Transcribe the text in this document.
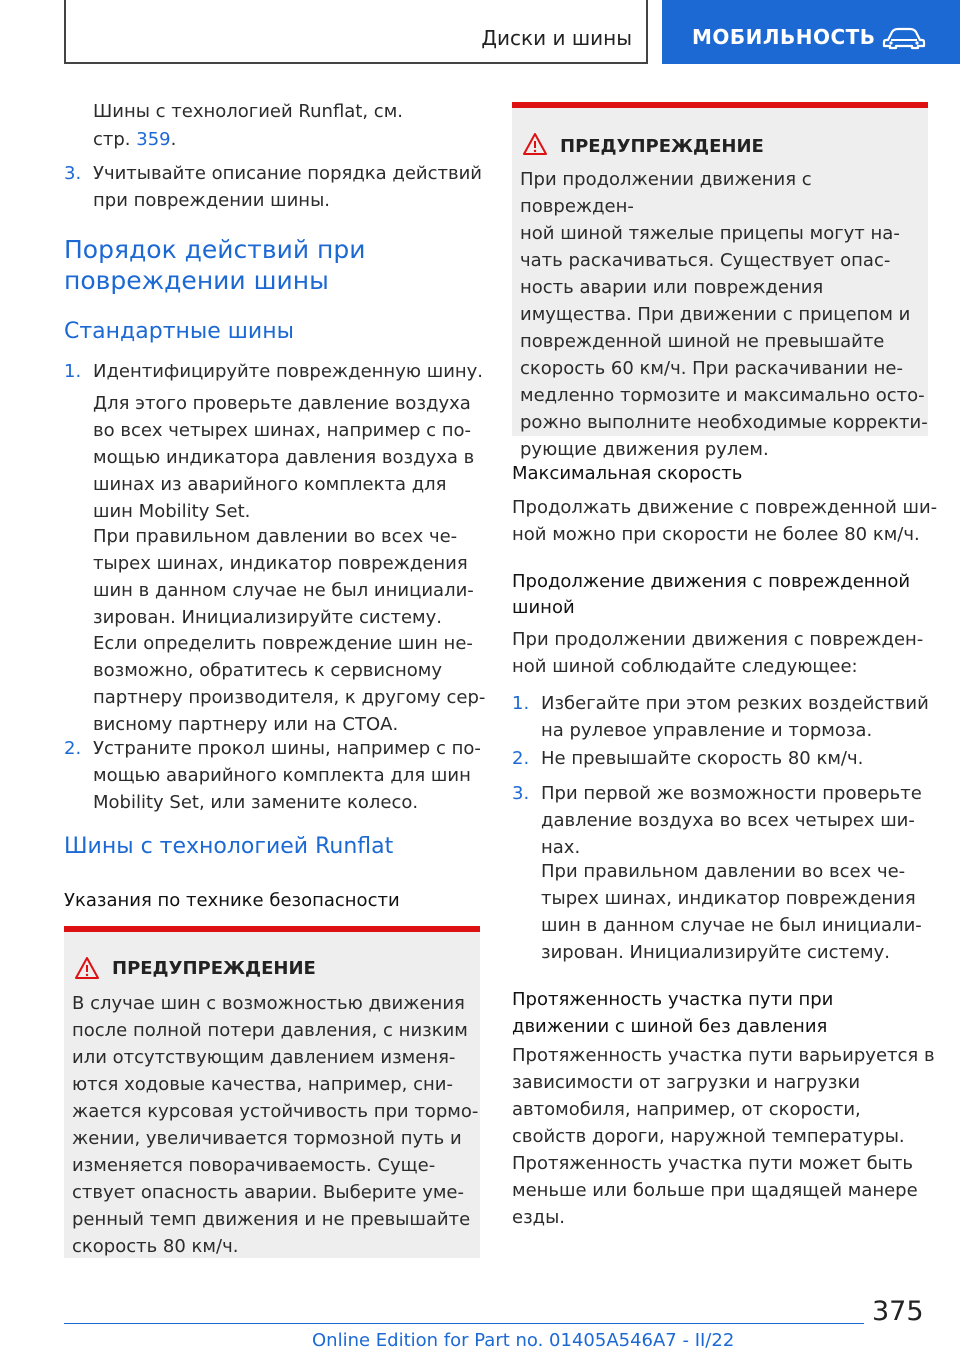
Диски и шины	МОБИЛЬНОСТЬ

Шины с технологией Runflat, см.

стр. 359.

3. Учитывайте описание порядка действий

при повреждении шины.

Порядок действий при

повреждении шины

Стандартные шины

1. Идентифицируйте поврежденную шину.

Для этого проверьте давление воздуха

во всех четырех шинах, например с по-

мощью индикатора давления воздуха в

шинах из аварийного комплекта для

шин Mobility Set.

При правильном давлении во всех че-

тырех шинах, индикатор повреждения

шин в данном случае не был инициали-

зирован. Инициализируйте систему.

Если определить повреждение шин не-

возможно, обратитесь к сервисному

партнеру производителя, к другому сер-

висному партнеру или на СТОА.

2. Устраните прокол шины, например с по-

мощью аварийного комплекта для шин

Mobility Set, или замените колесо.

Шины с технологией Runflat

Указания по технике безопасности

ПРЕДУПРЕЖДЕНИЕ

В случае шин с возможностью движения

после полной потери давления, с низким

или отсутствующим давлением изменя-

ются ходовые качества, например, сни-

жается курсовая устойчивость при тормо-

жении, увеличивается тормозной путь и

изменяется поворачиваемость. Суще-

ствует опасность аварии. Выберите уме-

ренный темп движения и не превышайте

скорость 80 км/ч.

ПРЕДУПРЕЖДЕНИЕ

При продолжении движения с поврежден-

ной шиной тяжелые прицепы могут на-

чать раскачиваться. Существует опас-

ность аварии или повреждения

имущества. При движении с прицепом и

поврежденной шиной не превышайте

скорость 60 км/ч. При раскачивании не-

медленно тормозите и максимально осто-

рожно выполните необходимые корректи-

рующие движения рулем.

Максимальная скорость

Продолжать движение с поврежденной ши-

ной можно при скорости не более 80 км/ч.

Продолжение движения с поврежденной

шиной

При продолжении движения с поврежден-

ной шиной соблюдайте следующее:

1. Избегайте при этом резких воздействий

на рулевое управление и тормоза.

2. Не превышайте скорость 80 км/ч.

3. При первой же возможности проверьте

давление воздуха во всех четырех ши-

нах.

При правильном давлении во всех че-

тырех шинах, индикатор повреждения

шин в данном случае не был инициали-

зирован. Инициализируйте систему.

Протяженность участка пути при

движении с шиной без давления

Протяженность участка пути варьируется в

зависимости от загрузки и нагрузки

автомобиля, например, от скорости,

свойств дороги, наружной температуры.

Протяженность участка пути может быть

меньше или больше при щадящей манере

езды.

375
Online Edition for Part no. 01405A546A7 - II/22
